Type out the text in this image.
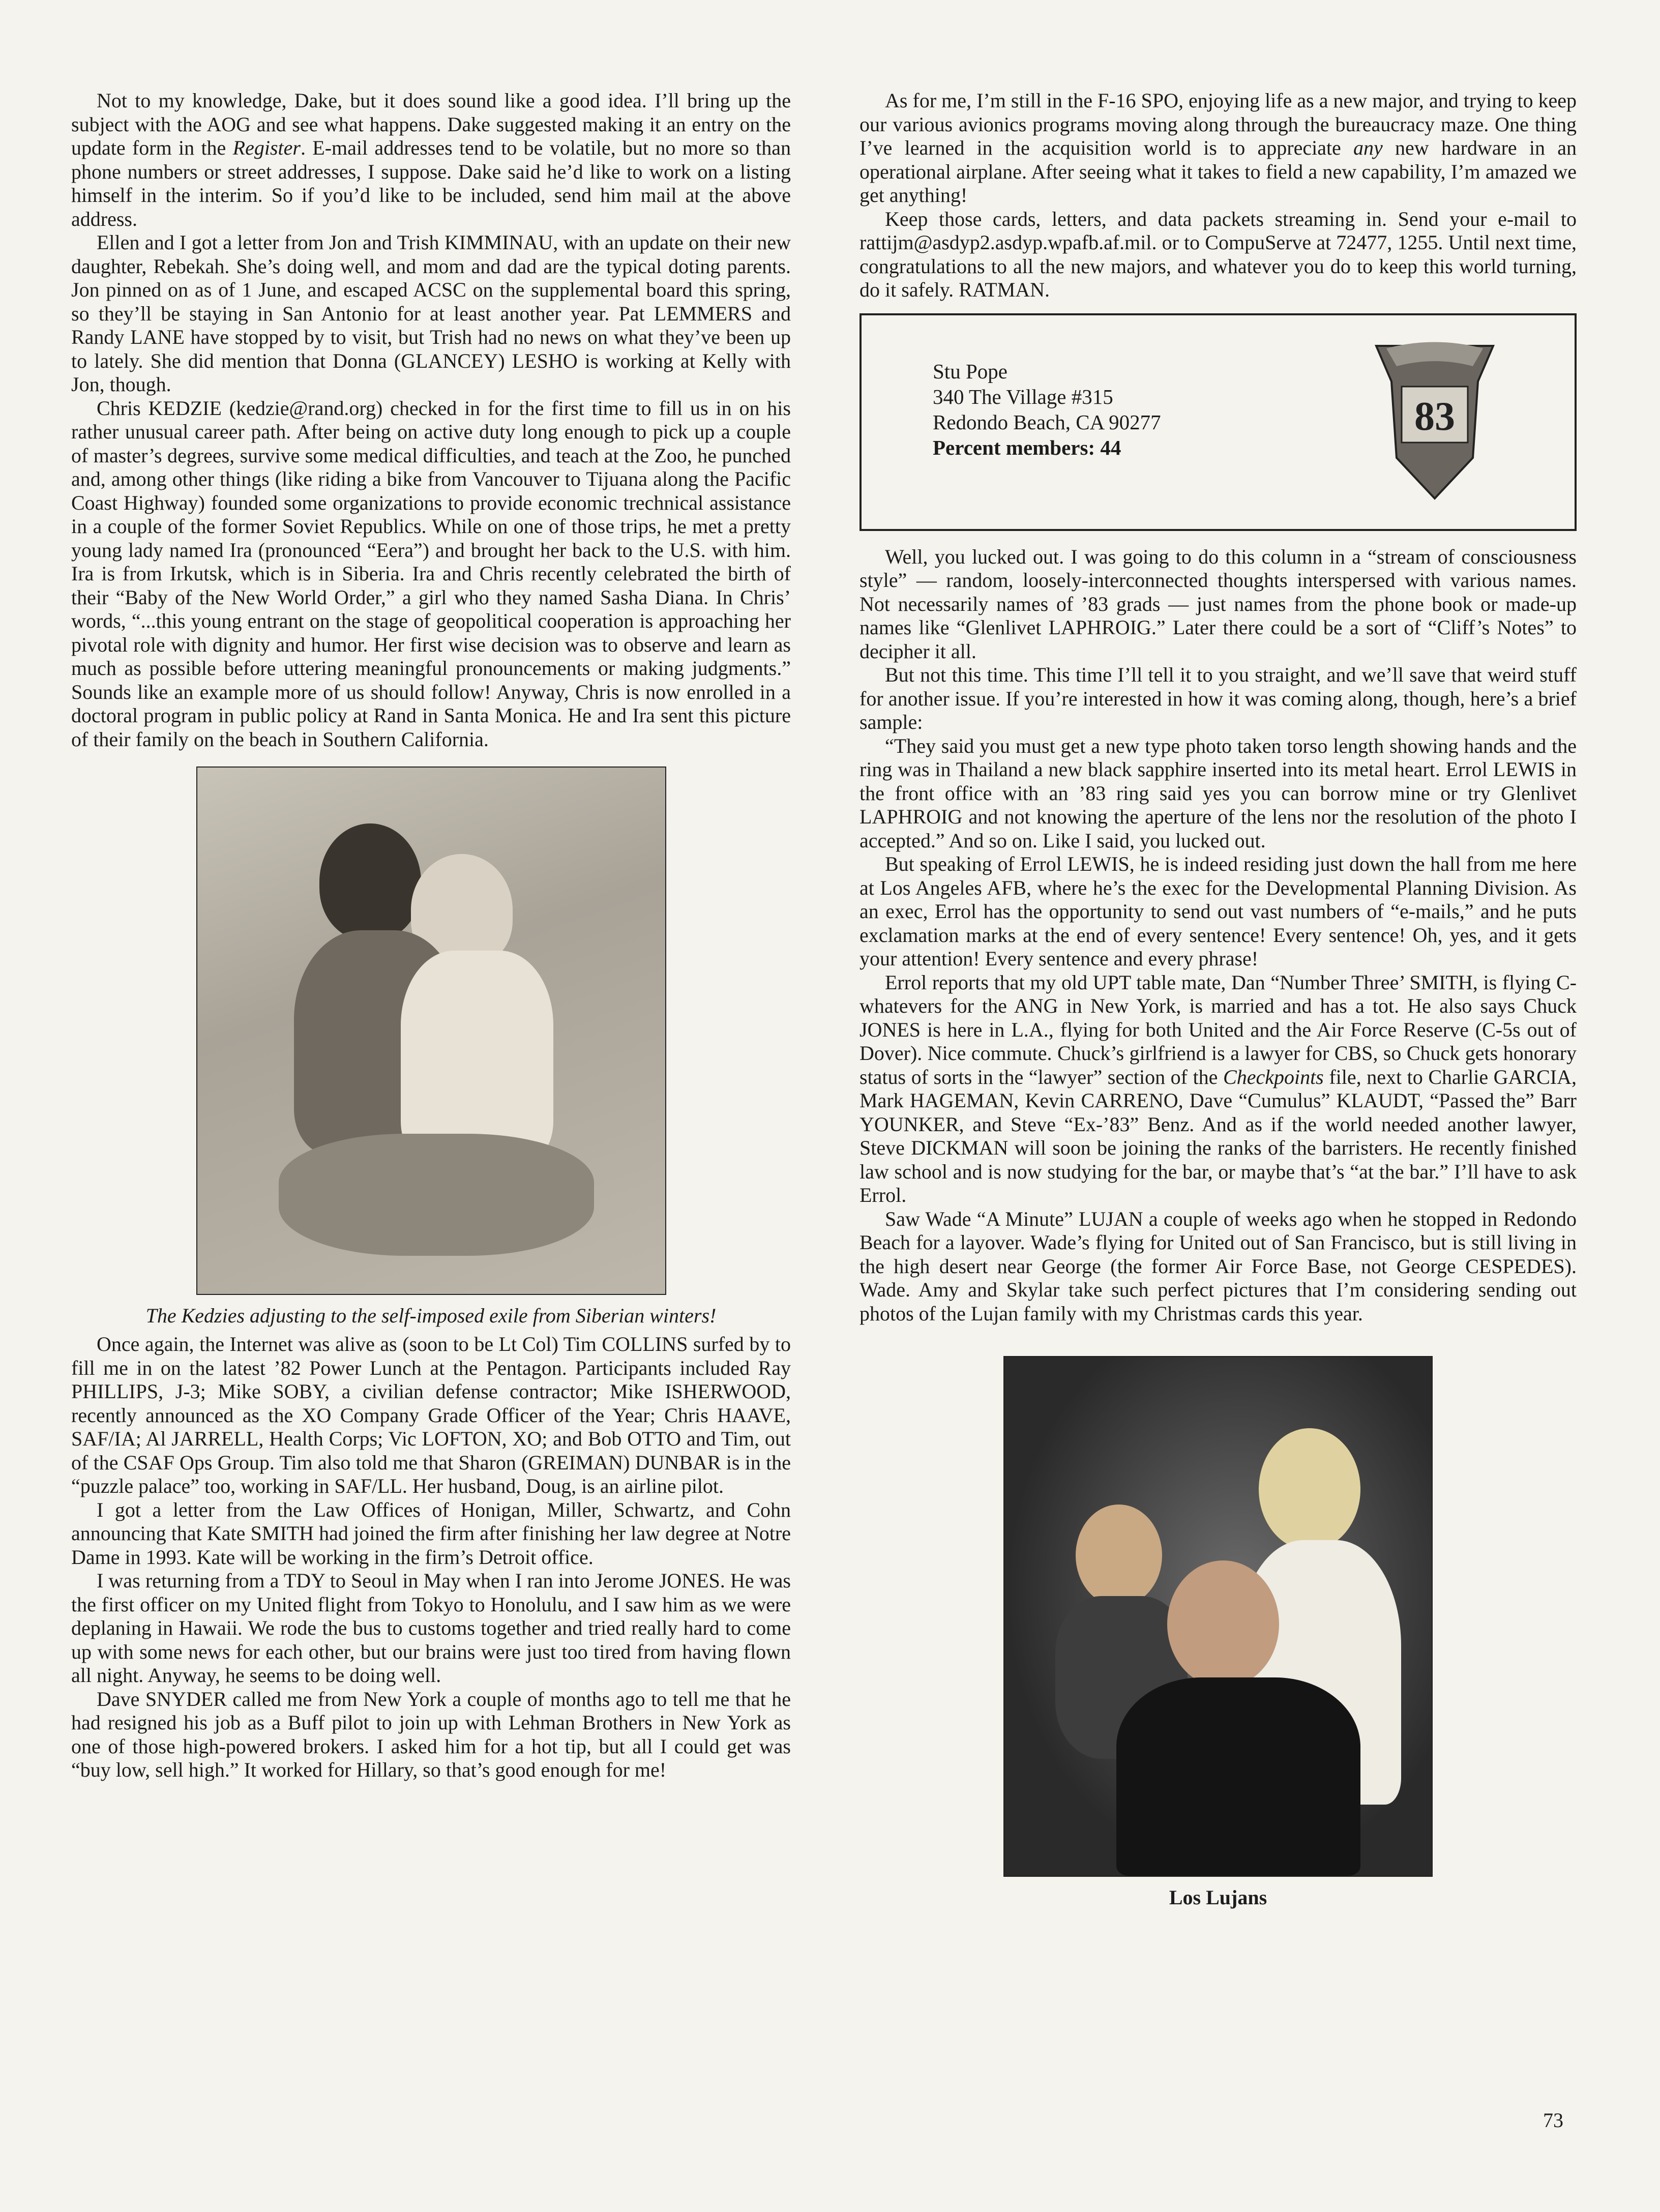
Not to my knowledge, Dake, but it does sound like a good idea. I’ll bring up the subject with the AOG and see what happens. Dake suggested making it an entry on the update form in the Register. E-mail addresses tend to be volatile, but no more so than phone numbers or street addresses, I suppose. Dake said he’d like to work on a listing himself in the interim. So if you’d like to be included, send him mail at the above address.

Ellen and I got a letter from Jon and Trish KIMMINAU, with an update on their new daughter, Rebekah. She’s doing well, and mom and dad are the typical doting parents. Jon pinned on as of 1 June, and escaped ACSC on the supplemental board this spring, so they’ll be staying in San Antonio for at least another year. Pat LEMMERS and Randy LANE have stopped by to visit, but Trish had no news on what they’ve been up to lately. She did mention that Donna (GLANCEY) LESHO is working at Kelly with Jon, though.

Chris KEDZIE (kedzie@rand.org) checked in for the first time to fill us in on his rather unusual career path. After being on active duty long enough to pick up a couple of master’s degrees, survive some medical difficulties, and teach at the Zoo, he punched and, among other things (like riding a bike from Vancouver to Tijuana along the Pacific Coast Highway) founded some organizations to provide economic trechnical assistance in a couple of the former Soviet Republics. While on one of those trips, he met a pretty young lady named Ira (pronounced “Eera”) and brought her back to the U.S. with him. Ira is from Irkutsk, which is in Siberia. Ira and Chris recently celebrated the birth of their “Baby of the New World Order,” a girl who they named Sasha Diana. In Chris’ words, “...this young entrant on the stage of geopolitical cooperation is approaching her pivotal role with dignity and humor. Her first wise decision was to observe and learn as much as possible before uttering meaningful pronouncements or making judgments.” Sounds like an example more of us should follow! Anyway, Chris is now enrolled in a doctoral program in public policy at Rand in Santa Monica. He and Ira sent this picture of their family on the beach in Southern California.

The Kedzies adjusting to the self-imposed exile from Siberian winters!

Once again, the Internet was alive as (soon to be Lt Col) Tim COLLINS surfed by to fill me in on the latest ’82 Power Lunch at the Pentagon. Participants included Ray PHILLIPS, J-3; Mike SOBY, a civilian defense contractor; Mike ISHERWOOD, recently announced as the XO Company Grade Officer of the Year; Chris HAAVE, SAF/IA; Al JARRELL, Health Corps; Vic LOFTON, XO; and Bob OTTO and Tim, out of the CSAF Ops Group. Tim also told me that Sharon (GREIMAN) DUNBAR is in the “puzzle palace” too, working in SAF/LL. Her husband, Doug, is an airline pilot.

I got a letter from the Law Offices of Honigan, Miller, Schwartz, and Cohn announcing that Kate SMITH had joined the firm after finishing her law degree at Notre Dame in 1993. Kate will be working in the firm’s Detroit office.

I was returning from a TDY to Seoul in May when I ran into Jerome JONES. He was the first officer on my United flight from Tokyo to Honolulu, and I saw him as we were deplaning in Hawaii. We rode the bus to customs together and tried really hard to come up with some news for each other, but our brains were just too tired from having flown all night. Anyway, he seems to be doing well.

Dave SNYDER called me from New York a couple of months ago to tell me that he had resigned his job as a Buff pilot to join up with Lehman Brothers in New York as one of those high-powered brokers. I asked him for a hot tip, but all I could get was “buy low, sell high.” It worked for Hillary, so that’s good enough for me!

As for me, I’m still in the F-16 SPO, enjoying life as a new major, and trying to keep our various avionics programs moving along through the bureaucracy maze. One thing I’ve learned in the acquisition world is to appreciate any new hardware in an operational airplane. After seeing what it takes to field a new capability, I’m amazed we get anything!

Keep those cards, letters, and data packets streaming in. Send your e-mail to rattijm@asdyp2.asdyp.wpafb.af.mil. or to CompuServe at 72477, 1255. Until next time, congratulations to all the new majors, and whatever you do to keep this world turning, do it safely. RATMAN.

Stu Pope
340 The Village #315
Redondo Beach, CA 90277
Percent members: 44
83

Well, you lucked out. I was going to do this column in a “stream of consciousness style” — random, loosely-interconnected thoughts interspersed with various names. Not necessarily names of ’83 grads — just names from the phone book or made-up names like “Glenlivet LAPHROIG.” Later there could be a sort of “Cliff’s Notes” to decipher it all.

But not this time. This time I’ll tell it to you straight, and we’ll save that weird stuff for another issue. If you’re interested in how it was coming along, though, here’s a brief sample:

“They said you must get a new type photo taken torso length showing hands and the ring was in Thailand a new black sapphire inserted into its metal heart. Errol LEWIS in the front office with an ’83 ring said yes you can borrow mine or try Glenlivet LAPHROIG and not knowing the aperture of the lens nor the resolution of the photo I accepted.” And so on. Like I said, you lucked out.

But speaking of Errol LEWIS, he is indeed residing just down the hall from me here at Los Angeles AFB, where he’s the exec for the Developmental Planning Division. As an exec, Errol has the opportunity to send out vast numbers of “e-mails,” and he puts exclamation marks at the end of every sentence! Every sentence! Oh, yes, and it gets your attention! Every sentence and every phrase!

Errol reports that my old UPT table mate, Dan “Number Three’ SMITH, is flying C-whatevers for the ANG in New York, is married and has a tot. He also says Chuck JONES is here in L.A., flying for both United and the Air Force Reserve (C-5s out of Dover). Nice commute. Chuck’s girlfriend is a lawyer for CBS, so Chuck gets honorary status of sorts in the “lawyer” section of the Checkpoints file, next to Charlie GARCIA, Mark HAGEMAN, Kevin CARRENO, Dave “Cumulus” KLAUDT, “Passed the” Barr YOUNKER, and Steve “Ex-’83” Benz. And as if the world needed another lawyer, Steve DICKMAN will soon be joining the ranks of the barristers. He recently finished law school and is now studying for the bar, or maybe that’s “at the bar.” I’ll have to ask Errol.

Saw Wade “A Minute” LUJAN a couple of weeks ago when he stopped in Redondo Beach for a layover. Wade’s flying for United out of San Francisco, but is still living in the high desert near George (the former Air Force Base, not George CESPEDES). Wade. Amy and Skylar take such perfect pictures that I’m considering sending out photos of the Lujan family with my Christmas cards this year.

Los Lujans

73
